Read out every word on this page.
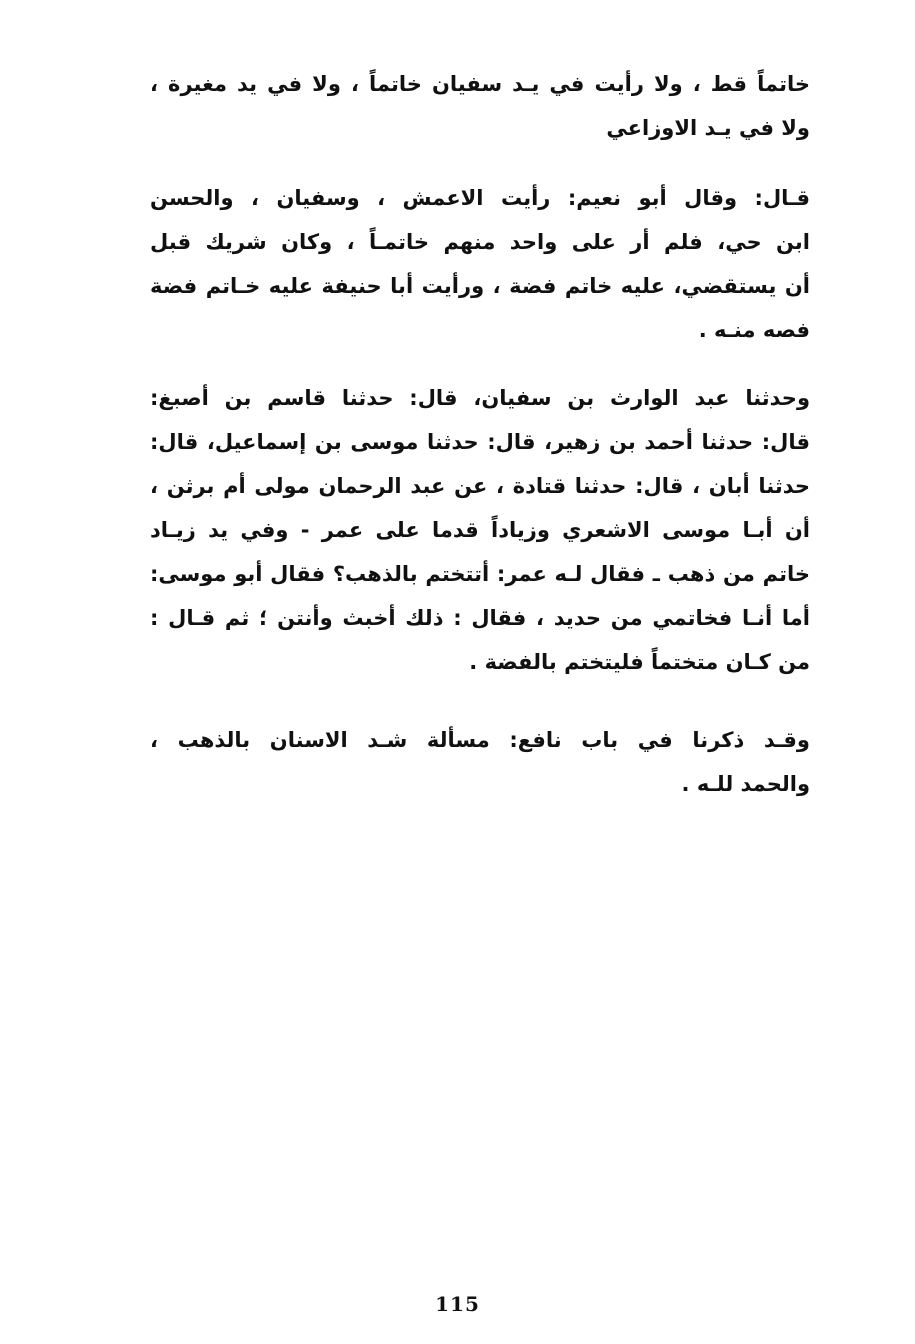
خاتماً قط ، ولا رأيت في يـد سفيان خاتماً ، ولا في يد مغيرة ،
ولا في يـد الاوزاعي
قـال: وقال أبو نعيم: رأيت الاعمش ، وسفيان ، والحسن
ابن حي، فلم أر على واحد منهم خاتمـاً ، وكان شريك قبل
أن يستقضي، عليه خاتم فضة ، ورأيت أبا حنيفة عليه خـاتم فضة
فصه منـه .
وحدثنا عبد الوارث بن سفيان، قال: حدثنا قاسم بن أصبغ:
قال: حدثنا أحمد بن زهير، قال: حدثنا موسى بن إسماعيل، قال:
حدثنا أبان ، قال: حدثنا قتادة ، عن عبد الرحمان مولى أم برثن ،
أن أبـا موسى الاشعري وزياداً قدما على عمر - وفي يد زيـاد
خاتم من ذهب ـ فقال لـه عمر: أتتختم بالذهب؟ فقال أبو موسى:
أما أنـا فخاتمي من حديد ، فقال : ذلك أخبث وأنتن ؛ ثم قـال :
من كـان متختماً فليتختم بالفضة .
وقـد ذكرنا في باب نافع: مسألة شـد الاسنان بالذهب ،
والحمد للـه .
115
